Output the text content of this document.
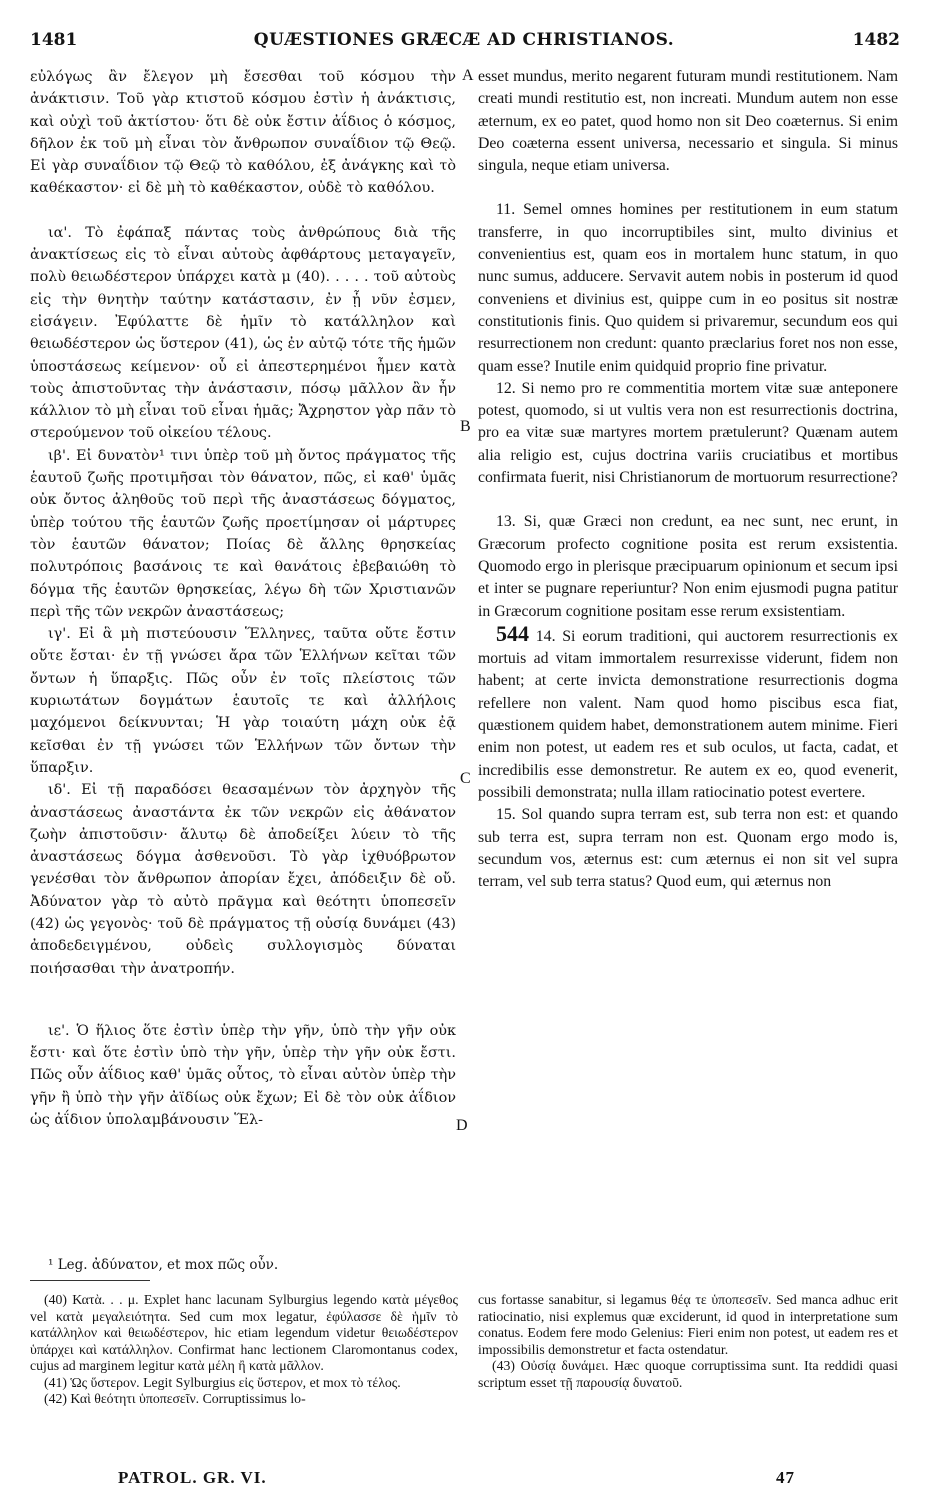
1481	QUÆSTIONES GRÆCÆ AD CHRISTIANOS.	1482

εὐλόγως ἂν ἔλεγον μὴ ἔσεσθαι τοῦ κόσμου τὴν ἀνάκτισιν. Τοῦ γὰρ κτιστοῦ κόσμου ἐστὶν ἡ ἀνάκτισις, καὶ οὐχὶ τοῦ ἀκτίστου· ὅτι δὲ οὐκ ἔστιν ἀΐδιος ὁ κόσμος, δῆλον ἐκ τοῦ μὴ εἶναι τὸν ἄνθρωπον συναΐδιον τῷ Θεῷ. Εἰ γὰρ συναΐδιον τῷ Θεῷ τὸ καθόλου, ἐξ ἀνάγκης καὶ τὸ καθέκαστον· εἰ δὲ μὴ τὸ καθέκαστον, οὐδὲ τὸ καθόλου.

ια'. Τὸ ἐφάπαξ πάντας τοὺς ἀνθρώπους διὰ τῆς ἀνακτίσεως εἰς τὸ εἶναι αὐτοὺς ἀφθάρτους μεταγαγεῖν, πολὺ θειωδέστερον ὑπάρχει κατὰ μ (40). . . . . τοῦ αὐτοὺς εἰς τὴν θνητὴν ταύτην κατάστασιν, ἐν ᾗ νῦν ἐσμεν, εἰσάγειν. Ἐφύλαττε δὲ ἡμῖν τὸ κατάλληλον καὶ θειωδέστερον ὡς ὕστερον (41), ὡς ἐν αὐτῷ τότε τῆς ἡμῶν ὑποστάσεως κείμενον· οὗ εἰ ἀπεστερημένοι ἦμεν κατὰ τοὺς ἀπιστοῦντας τὴν ἀνάστασιν, πόσῳ μᾶλλον ἂν ἦν κάλλιον τὸ μὴ εἶναι τοῦ εἶναι ἡμᾶς; Ἄχρηστον γὰρ πᾶν τὸ στερούμενον τοῦ οἰκείου τέλους.

ιβ'. Εἰ δυνατὸν¹ τινι ὑπὲρ τοῦ μὴ ὄντος πράγματος τῆς ἑαυτοῦ ζωῆς προτιμῆσαι τὸν θάνατον, πῶς, εἰ καθ' ὑμᾶς οὐκ ὄντος ἀληθοῦς τοῦ περὶ τῆς ἀναστάσεως δόγματος, ὑπὲρ τούτου τῆς ἑαυτῶν ζωῆς προετίμησαν οἱ μάρτυρες τὸν ἑαυτῶν θάνατον; Ποίας δὲ ἄλλης θρησκείας πολυτρόποις βασάνοις τε καὶ θανάτοις ἐβεβαιώθη τὸ δόγμα τῆς ἑαυτῶν θρησκείας, λέγω δὴ τῶν Χριστιανῶν περὶ τῆς τῶν νεκρῶν ἀναστάσεως;

ιγ'. Εἰ ἃ μὴ πιστεύουσιν Ἕλληνες, ταῦτα οὔτε ἔστιν οὔτε ἔσται· ἐν τῇ γνώσει ἄρα τῶν Ἑλλήνων κεῖται τῶν ὄντων ἡ ὕπαρξις. Πῶς οὖν ἐν τοῖς πλείστοις τῶν κυριωτάτων δογμάτων ἑαυτοῖς τε καὶ ἀλλήλοις μαχόμενοι δείκνυνται; Ἡ γὰρ τοιαύτη μάχη οὐκ ἐᾷ κεῖσθαι ἐν τῇ γνώσει τῶν Ἑλλήνων τῶν ὄντων τὴν ὕπαρξιν.

ιδ'. Εἰ τῇ παραδόσει θεασαμένων τὸν ἀρχηγὸν τῆς ἀναστάσεως ἀναστάντα ἐκ τῶν νεκρῶν εἰς ἀθάνατον ζωὴν ἀπιστοῦσιν· ἄλυτῳ δὲ ἀποδείξει λύειν τὸ τῆς ἀναστάσεως δόγμα ἀσθενοῦσι. Τὸ γὰρ ἰχθυόβρωτον γενέσθαι τὸν ἄνθρωπον ἀπορίαν ἔχει, ἀπόδειξιν δὲ οὔ. Ἀδύνατον γὰρ τὸ αὐτὸ πρᾶγμα καὶ θεότητι ὑποπεσεῖν (42) ὡς γεγονὸς· τοῦ δὲ πράγματος τῇ οὐσίᾳ δυνάμει (43) ἀποδεδειγμένου, οὐδεὶς συλλογισμὸς δύναται ποιήσασθαι τὴν ἀνατροπήν.

ιε'. Ὁ ἥλιος ὅτε ἐστὶν ὑπὲρ τὴν γῆν, ὑπὸ τὴν γῆν οὐκ ἔστι· καὶ ὅτε ἐστὶν ὑπὸ τὴν γῆν, ὑπὲρ τὴν γῆν οὐκ ἔστι. Πῶς οὖν ἀΐδιος καθ' ὑμᾶς οὗτος, τὸ εἶναι αὐτὸν ὑπὲρ τὴν γῆν ἢ ὑπὸ τὴν γῆν ἀϊδίως οὐκ ἔχων; Εἰ δὲ τὸν οὐκ ἀΐδιον ὡς ἀΐδιον ὑπολαμβάνουσιν Ἕλ-

A
B
C
D

esset mundus, merito negarent futuram mundi restitutionem. Nam creati mundi restitutio est, non increati. Mundum autem non esse æternum, ex eo patet, quod homo non sit Deo coæternus. Si enim Deo coæterna essent universa, necessario et singula. Si minus singula, neque etiam universa.

11. Semel omnes homines per restitutionem in eum statum transferre, in quo incorruptibiles sint, multo divinius et convenientius est, quam eos in mortalem hunc statum, in quo nunc sumus, adducere. Servavit autem nobis in posterum id quod conveniens et divinius est, quippe cum in eo positus sit nostræ constitutionis finis. Quo quidem si privaremur, secundum eos qui resurrectionem non credunt: quanto præclarius foret nos non esse, quam esse? Inutile enim quidquid proprio fine privatur.

12. Si nemo pro re commentitia mortem vitæ suæ anteponere potest, quomodo, si ut vultis vera non est resurrectionis doctrina, pro ea vitæ suæ martyres mortem prætulerunt? Quænam autem alia religio est, cujus doctrina variis cruciatibus et mortibus confirmata fuerit, nisi Christianorum de mortuorum resurrectione?

13. Si, quæ Græci non credunt, ea nec sunt, nec erunt, in Græcorum profecto cognitione posita est rerum exsistentia. Quomodo ergo in plerisque præcipuarum opinionum et secum ipsi et inter se pugnare reperiuntur? Non enim ejusmodi pugna patitur in Græcorum cognitione positam esse rerum exsistentiam.

544 14. Si eorum traditioni, qui auctorem resurrectionis ex mortuis ad vitam immortalem resurrexisse viderunt, fidem non habent; at certe invicta demonstratione resurrectionis dogma refellere non valent. Nam quod homo piscibus esca fiat, quæstionem quidem habet, demonstrationem autem minime. Fieri enim non potest, ut eadem res et sub oculos, ut facta, cadat, et incredibilis esse demonstretur. Re autem ex eo, quod evenerit, possibili demonstrata; nulla illam ratiocinatio potest evertere.

15. Sol quando supra terram est, sub terra non est: et quando sub terra est, supra terram non est. Quonam ergo modo is, secundum vos, æternus est: cum æternus ei non sit vel supra terram, vel sub terra status? Quod eum, qui æternus non

¹ Leg. ἀδύνατον, et mox πῶς οὖν.

(40) Κατὰ. . . μ. Explet hanc lacunam Sylburgius legendo κατὰ μέγεθος vel κατὰ μεγαλειότητα. Sed cum mox legatur, ἐφύλασσε δὲ ἡμῖν τὸ κατάλληλον καὶ θειωδέστερον, hic etiam legendum videtur θειωδέστερον ὑπάρχει καὶ κατάλληλον. Confirmat hanc lectionem Claromontanus codex, cujus ad marginem legitur κατὰ μέλη ἢ κατὰ μᾶλλον.

(41) Ὡς ὕστερον. Legit Sylburgius εἰς ὕστερον, et mox τὸ τέλος.

(42) Καὶ θεότητι ὑποπεσεῖν. Corruptissimus lo-

cus fortasse sanabitur, si legamus θέᾳ τε ὑποπεσεῖν. Sed manca adhuc erit ratiocinatio, nisi explemus quæ exciderunt, id quod in interpretatione sum conatus. Eodem fere modo Gelenius: Fieri enim non potest, ut eadem res et impossibilis demonstretur et facta ostendatur.

(43) Οὐσίᾳ δυνάμει. Hæc quoque corruptissima sunt. Ita reddidi quasi scriptum esset τῇ παρουσίᾳ δυνατοῦ.

PATROL. GR. VI.	47
